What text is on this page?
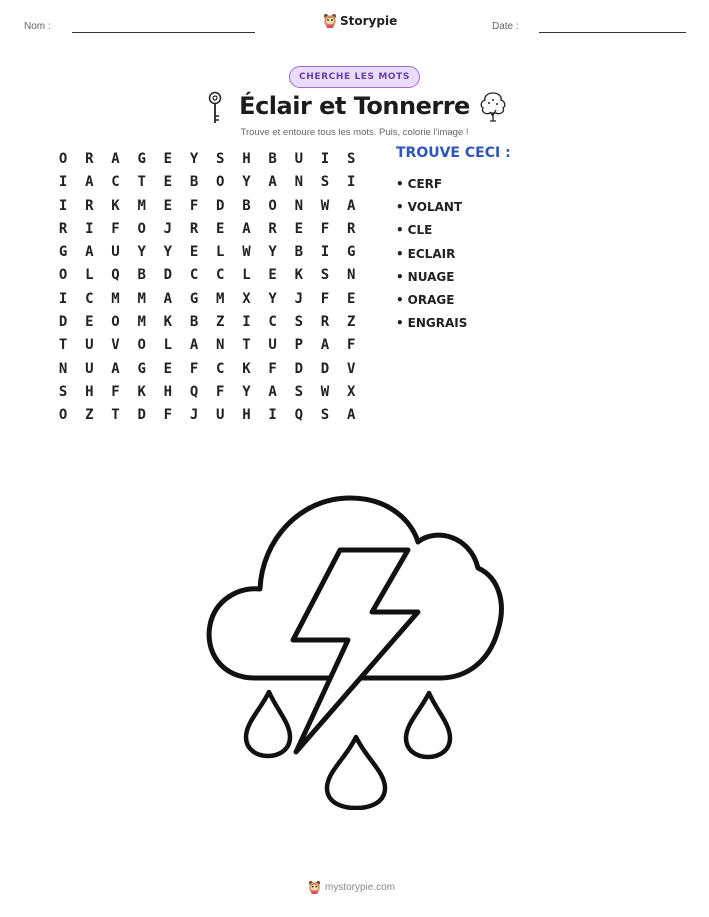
Nom :	Storypie	Date :
CHERCHE LES MOTS
Éclair et Tonnerre
Trouve et entoure tous les mots. Puis, colorie l'image !
O	R	A	G	E	Y	S	H	B	U	I	S
I	A	C	T	E	B	O	Y	A	N	S	I
I	R	K	M	E	F	D	B	O	N	W	A
R	I	F	O	J	R	E	A	R	E	F	R
G	A	U	Y	Y	E	L	W	Y	B	I	G
O	L	Q	B	D	C	C	L	E	K	S	N
I	C	M	M	A	G	M	X	Y	J	F	E
D	E	O	M	K	B	Z	I	C	S	R	Z
T	U	V	O	L	A	N	T	U	P	A	F
N	U	A	G	E	F	C	K	F	D	D	V
S	H	F	K	H	Q	F	Y	A	S	W	X
O	Z	T	D	F	J	U	H	I	Q	S	A
TROUVE CECI :
• CERF
• VOLANT
• CLE
• ECLAIR
• NUAGE
• ORAGE
• ENGRAIS
mystorypie.com
